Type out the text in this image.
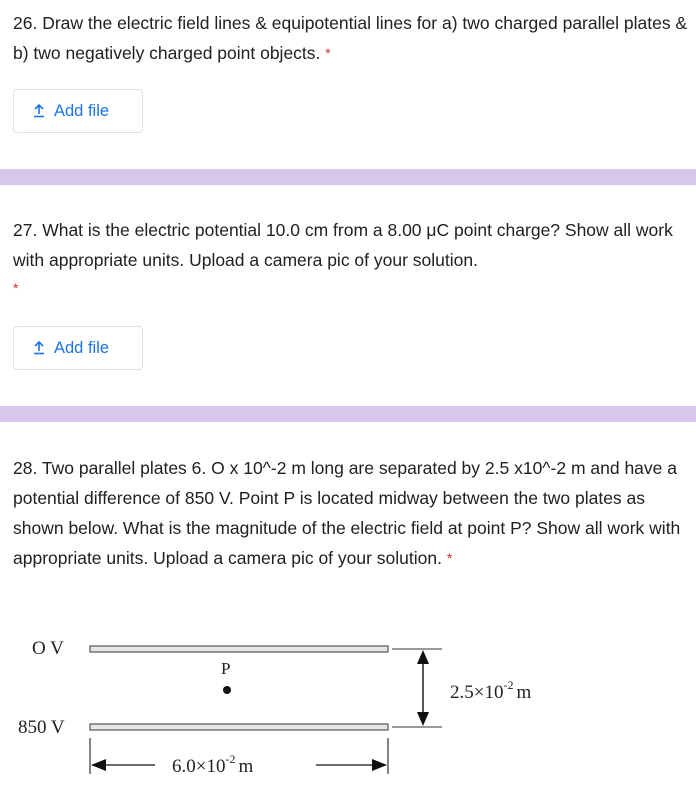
26. Draw the electric field lines & equipotential lines for a) two charged parallel plates & b) two negatively charged point objects. *

Add file

27. What is the electric potential 10.0 cm from a 8.00 μC point charge? Show all work with appropriate units. Upload a camera pic of your solution.

*
Add file

28. Two parallel plates 6. O x 10^-2 m long are separated by 2.5 x10^-2 m and have a potential difference of 850 V. Point P is located midway between the two plates as shown below. What is the magnitude of the electric field at point P? Show all work with appropriate units. Upload a camera pic of your solution. *

O V
P
850 V
$2.5\times 10^{-2}$ m
$6.0\times 10^{-2}$ m
